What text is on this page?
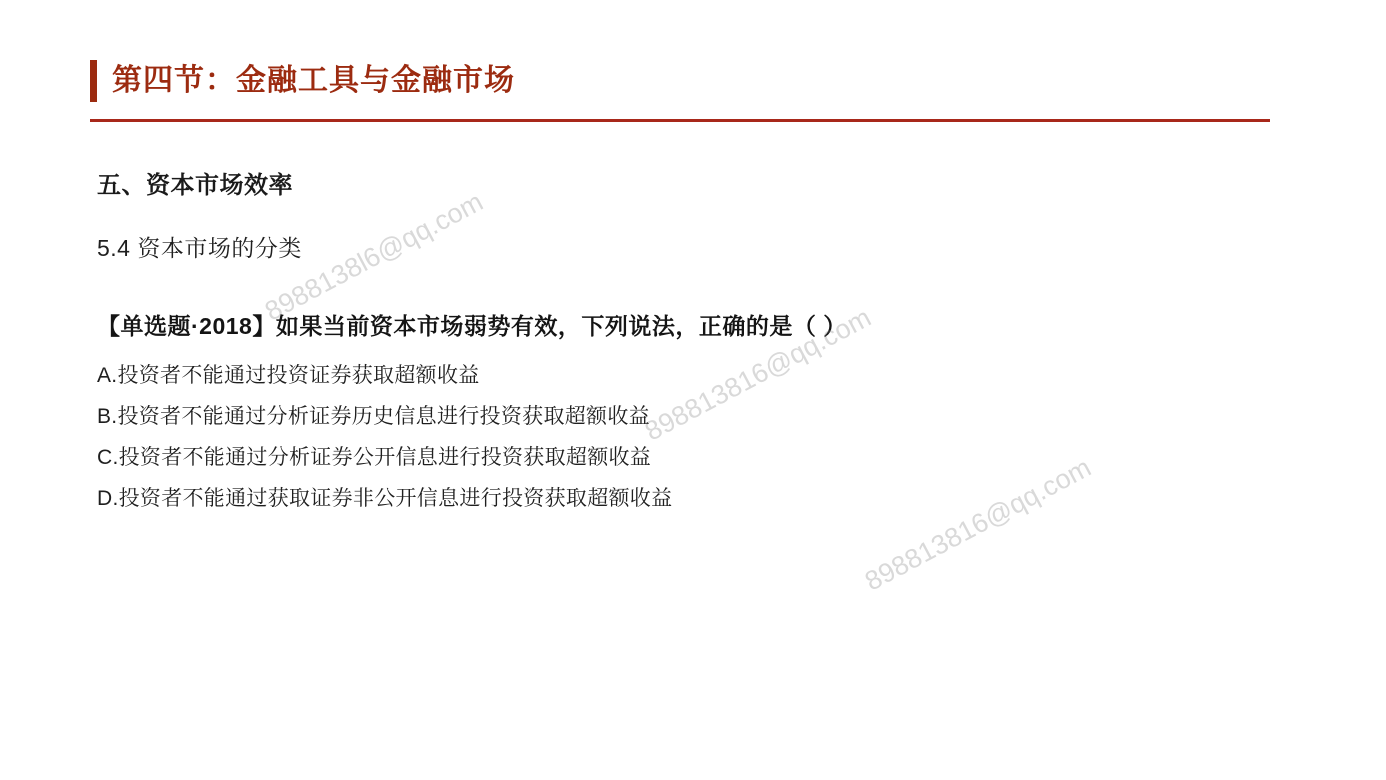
第四节：金融工具与金融市场
五、资本市场效率
5.4 资本市场的分类
【单选题·2018】如果当前资本市场弱势有效，下列说法，正确的是（ ）
A.投资者不能通过投资证券获取超额收益
B.投资者不能通过分析证券历史信息进行投资获取超额收益
C.投资者不能通过分析证券公开信息进行投资获取超额收益
D.投资者不能通过获取证券非公开信息进行投资获取超额收益
8988138l6@qq.com
898813816@qq.com
898813816@qq.com
